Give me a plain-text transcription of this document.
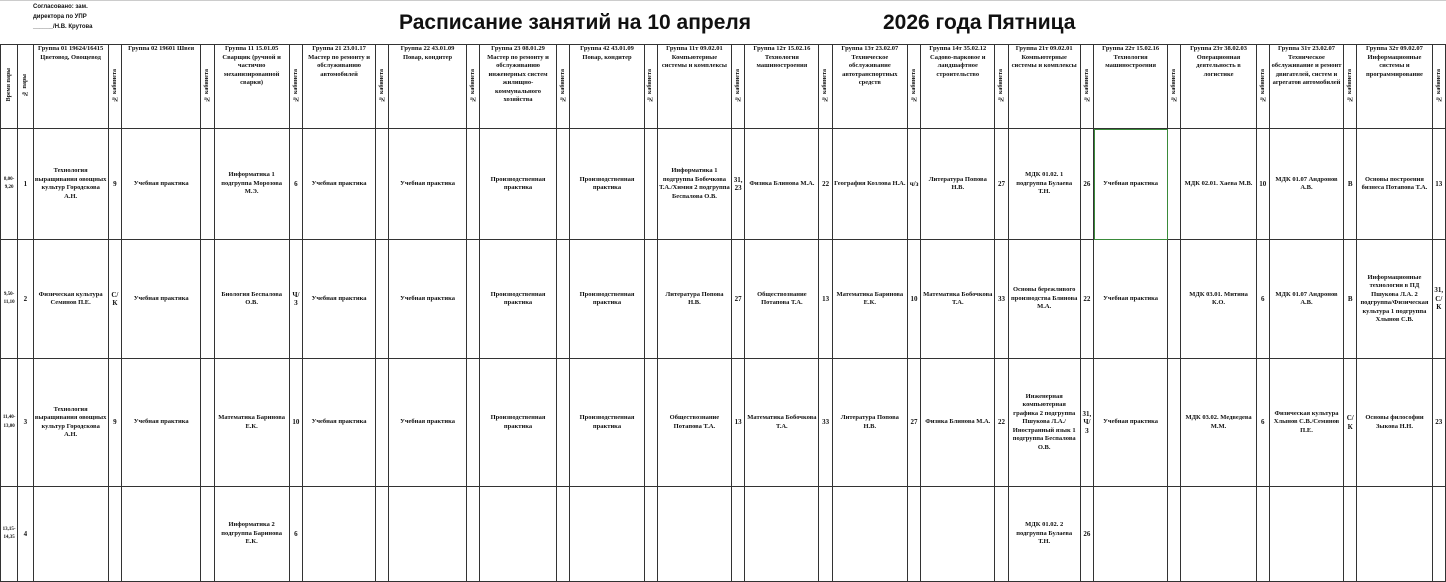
Согласовано: зам.
директора по УПР
______/Н.В. Крутова	Расписание занятий на 10 апреля	2026 года Пятница
Время пары	№ пары	Группа 01 19624/16415 Цветовод, Овощевод	№ кабинета	Группа 02 19601 Швея	№ кабинета	Группа 11 15.01.05 Сварщик (ручной и частично механизированной сварки)	№ кабинета	Группа 21 23.01.17 Мастер по ремонту и обслуживанию автомобилей	№ кабинета	Группа 22 43.01.09 Повар, кондитер	№ кабинета	Группа 23 08.01.29 Мастер по ремонту и обслуживанию инженерных систем жилищно-коммунального хозяйства	№ кабинета	Группа 42 43.01.09 Повар, кондитер	№ кабинета	Группа 11т 09.02.01 Компьютерные системы и комплексы	№ кабинета	Группа 12т 15.02.16 Технология машиностроения	№ кабинета	Группа 13т 23.02.07 Техническое обслуживание автотранспортных средств	№ кабинета	Группа 14т 35.02.12 Садово-парковое и ландшафтное строительство	№ кабинета	Группа 21т 09.02.01 Компьютерные системы и комплексы	№ кабинета	Группа 22т 15.02.16 Технология машиностроения	№ кабинета	Группа 23т 38.02.03 Операционная деятельность в логистике	№ кабинета	Группа 31т 23.02.07 Техническое обслуживание и ремонт двигателей, систем и агрегатов автомобилей	№ кабинета	Группа 32т 09.02.07 Информационные системы и программирование	№ кабинета
8,00-9,20	1	Технология выращивания овощных культур Городскова А.Н.	9	Учебная практика		Информатика 1 подгруппа Морозова М.Э.	6	Учебная практика		Учебная практика		Производственная практика		Производственная практика		Информатика 1 подгруппа Бобочкова Т.А./Химия 2 подгруппа Беспалова О.В.	31, 23	Физика Блинова М.А.	22	География Козлова Н.А.	ч/з	Литература Попова Н.В.	27	МДК 01.02. 1 подгруппа Булаева Т.Н.	26	Учебная практика		МДК 02.01. Хаева М.В.	10	МДК 01.07 Андронов А.В.	В	Основы построения бизнеса Потапова Т.А.	13
9,50-11,10	2	Физическая культура Семянов П.Е.	С/К	Учебная практика		Биология Беспалова О.В.	Ч/З	Учебная практика		Учебная практика		Производственная практика		Производственная практика		Литература Попова Н.В.	27	Обществознание Потапова Т.А.	13	Математика Баринова Е.К.	10	Математика Бобочкова Т.А.	33	Основы бережливого производства Блинова М.А.	22	Учебная практика		МДК 03.01. Митина К.О.	6	МДК 01.07 Андронов А.В.	В	Информационные технологии в ПД Пшукова Л.А. 2 подгруппа/Физическая культура 1 подгруппа Хлынов С.В.	31, С/К
11,40-13,00	3	Технология выращивания овощных культур Городскова А.Н.	9	Учебная практика		Математика Баринова Е.К.	10	Учебная практика		Учебная практика		Производственная практика		Производственная практика		Обществознание Потапова Т.А.	13	Математика Бобочкова Т.А.	33	Литература Попова Н.В.	27	Физика Блинова М.А.	22	Инженерная компьютерная графика 2 подгруппа Пшукова Л.А./Иностранный язык 1 подгруппа Беспалова О.В.	31, Ч/З	Учебная практика		МДК 03.02. Медведева М.М.	6	Физическая культура Хлынов С.В./Семянов П.Е.	С/К	Основы философии Зыкова Н.Н.	23
13,15-14,35	4					Информатика 2 подгруппа Баринова Е.К.	6																	МДК 01.02. 2 подгруппа Булаева Т.Н.	26								
